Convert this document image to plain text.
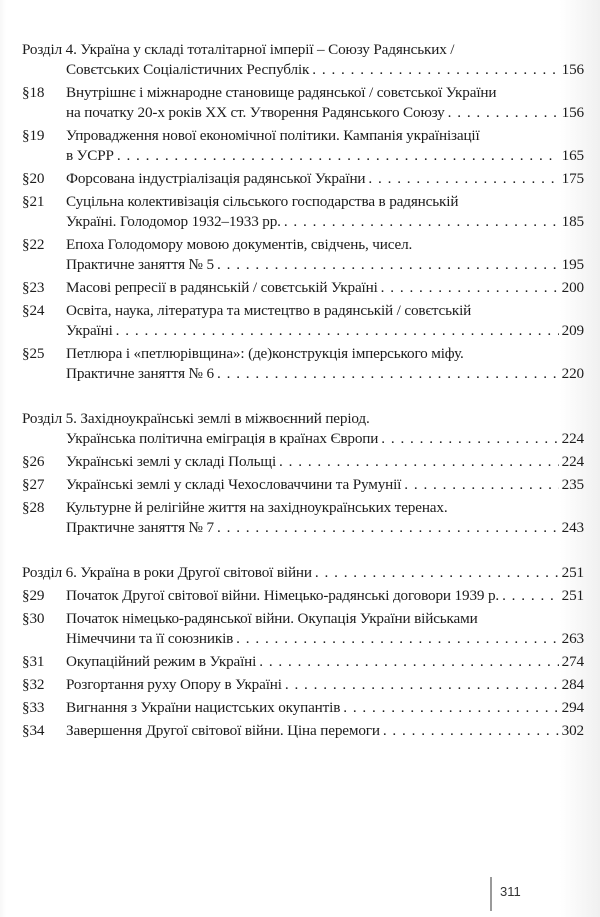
Розділ 4. Україна у складі тоталітарної імперії – Союзу Радянських /
Совєтських Соціалістичних Республік . . .	156
§18	Внутрішнє і міжнародне становище радянської / совєтської України
на початку 20-х років ХХ ст. Утворення Радянського Союзу . . .	156
§19	Упровадження нової економічної політики. Кампанія українізації
в УСРР . . .	165
§20	Форсована індустріалізація радянської України . . .	175
§21	Суцільна колективізація сільського господарства в радянській
Україні. Голодомор 1932–1933 рр. . . .	185
§22	Епоха Голодомору мовою документів, свідчень, чисел.
Практичне заняття № 5 . . .	195
§23	Масові репресії в радянській / совєтській Україні . . .	200
§24	Освіта, наука, література та мистецтво в радянській / совєтській
Україні . . .	209
§25	Петлюра і «петлюрівщина»: (де)конструкція імперського міфу.
Практичне заняття № 6 . . .	220
Розділ 5. Західноукраїнські землі в міжвоєнний період.
Українська політична еміграція в країнах Європи . . .	224
§26	Українські землі у складі Польщі . . .	224
§27	Українські землі у складі Чехословаччини та Румунії . . .	235
§28	Культурне й релігійне життя на західноукраїнських теренах.
Практичне заняття № 7 . . .	243
Розділ 6. Україна в роки Другої світової війни . . .	251
§29	Початок Другої світової війни. Німецько-радянські договори 1939 р. . . .	251
§30	Початок німецько-радянської війни. Окупація України військами
Німеччини та її союзників . . .	263
§31	Окупаційний режим в Україні . . .	274
§32	Розгортання руху Опору в Україні . . .	284
§33	Вигнання з України нацистських окупантів . . .	294
§34	Завершення Другої світової війни. Ціна перемоги . . .	302
311
